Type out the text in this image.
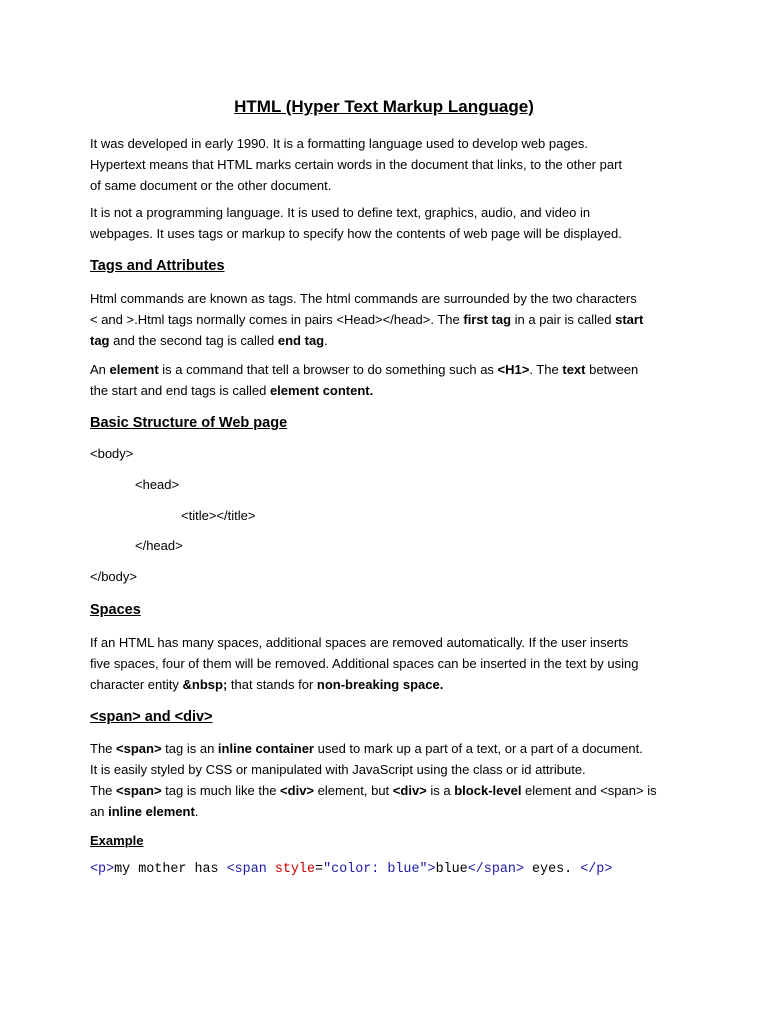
HTML (Hyper Text Markup Language)

It was developed in early 1990. It is a formatting language used to develop web pages.
Hypertext means that HTML marks certain words in the document that links, to the other part
of same document or the other document.

It is not a programming language. It is used to define text, graphics, audio, and video in
webpages. It uses tags or markup to specify how the contents of web page will be displayed.

Tags and Attributes

Html commands are known as tags. The html commands are surrounded by the two characters
< and >.Html tags normally comes in pairs <Head></head>. The first tag in a pair is called start
tag and the second tag is called end tag.

An element is a command that tell a browser to do something such as <H1>. The text between
the start and end tags is called element content.

Basic Structure of Web page
<body>
<head>
<title></title>
</head>
</body>
Spaces

If an HTML has many spaces, additional spaces are removed automatically. If the user inserts
five spaces, four of them will be removed. Additional spaces can be inserted in the text by using
character entity &nbsp; that stands for non-breaking space.

<span> and <div>

The <span> tag is an inline container used to mark up a part of a text, or a part of a document.
It is easily styled by CSS or manipulated with JavaScript using the class or id attribute.
The <span> tag is much like the <div> element, but <div> is a block-level element and <span> is
an inline element.

Example
<p>my mother has <span style="color: blue">blue</span> eyes. </p>
